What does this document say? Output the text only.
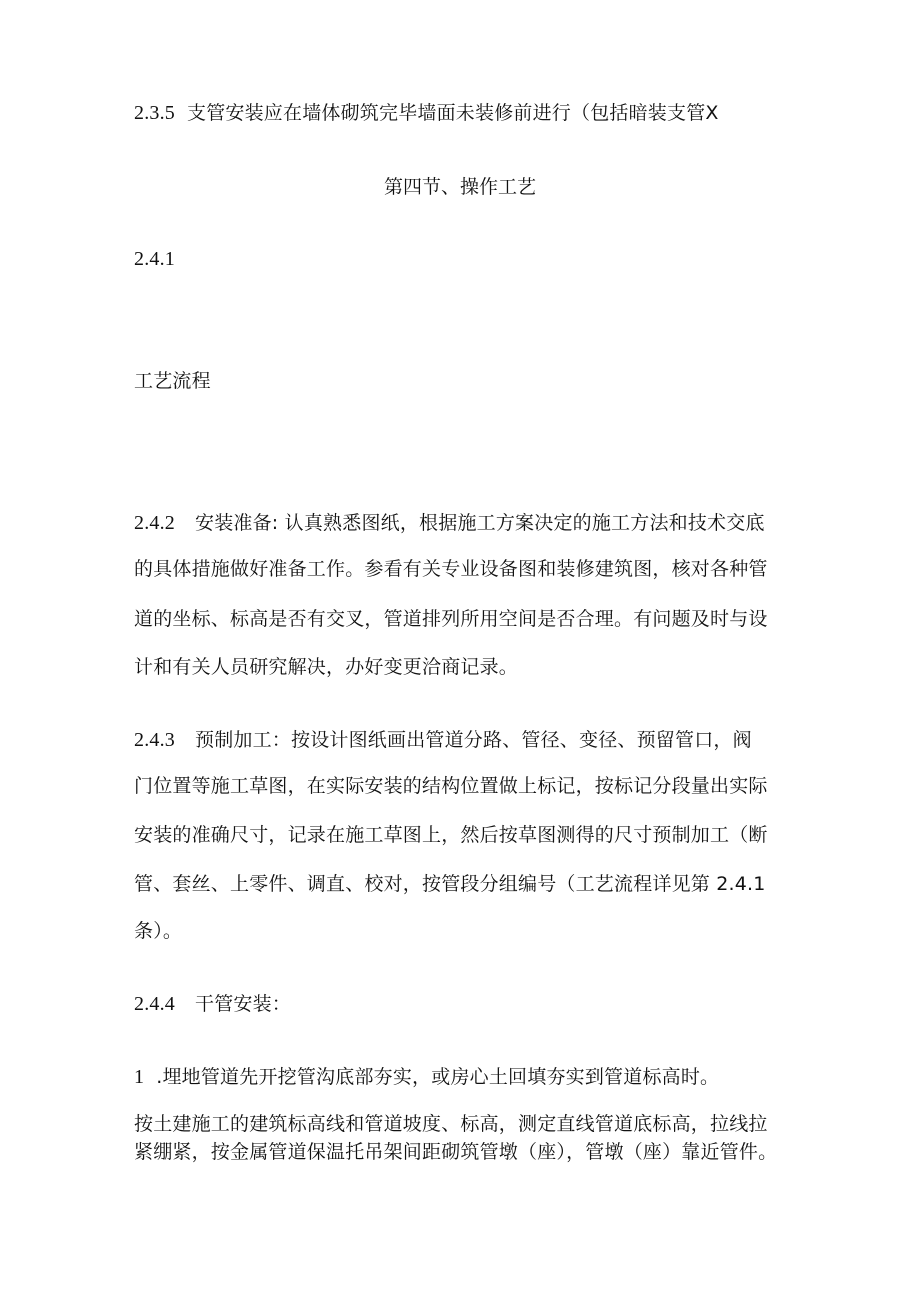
2.3.5 支管安装应在墙体砌筑完毕墙面未装修前进行（包括暗装支管X
第四节、操作工艺
2.4.1
工艺流程
2.4.2 安装准备: 认真熟悉图纸，根据施工方案决定的施工方法和技术交底
的具体措施做好准备工作。参看有关专业设备图和装修建筑图，核对各种管
道的坐标、标高是否有交叉，管道排列所用空间是否合理。有问题及时与设
计和有关人员研究解决，办好变更洽商记录。
2.4.3 预制加工：按设计图纸画出管道分路、管径、变径、预留管口，阀
门位置等施工草图，在实际安装的结构位置做上标记，按标记分段量出实际
安装的准确尺寸，记录在施工草图上，然后按草图测得的尺寸预制加工（断
管、套丝、上零件、调直、校对，按管段分组编号（工艺流程详见第 2.4.1
条）。
2.4.4 干管安装：
1 .埋地管道先开挖管沟底部夯实，或房心土回填夯实到管道标高时。
按土建施工的建筑标高线和管道坡度、标高，测定直线管道底标高，拉线拉
紧绷紧，按金属管道保温托吊架间距砌筑管墩（座），管墩（座）靠近管件。
